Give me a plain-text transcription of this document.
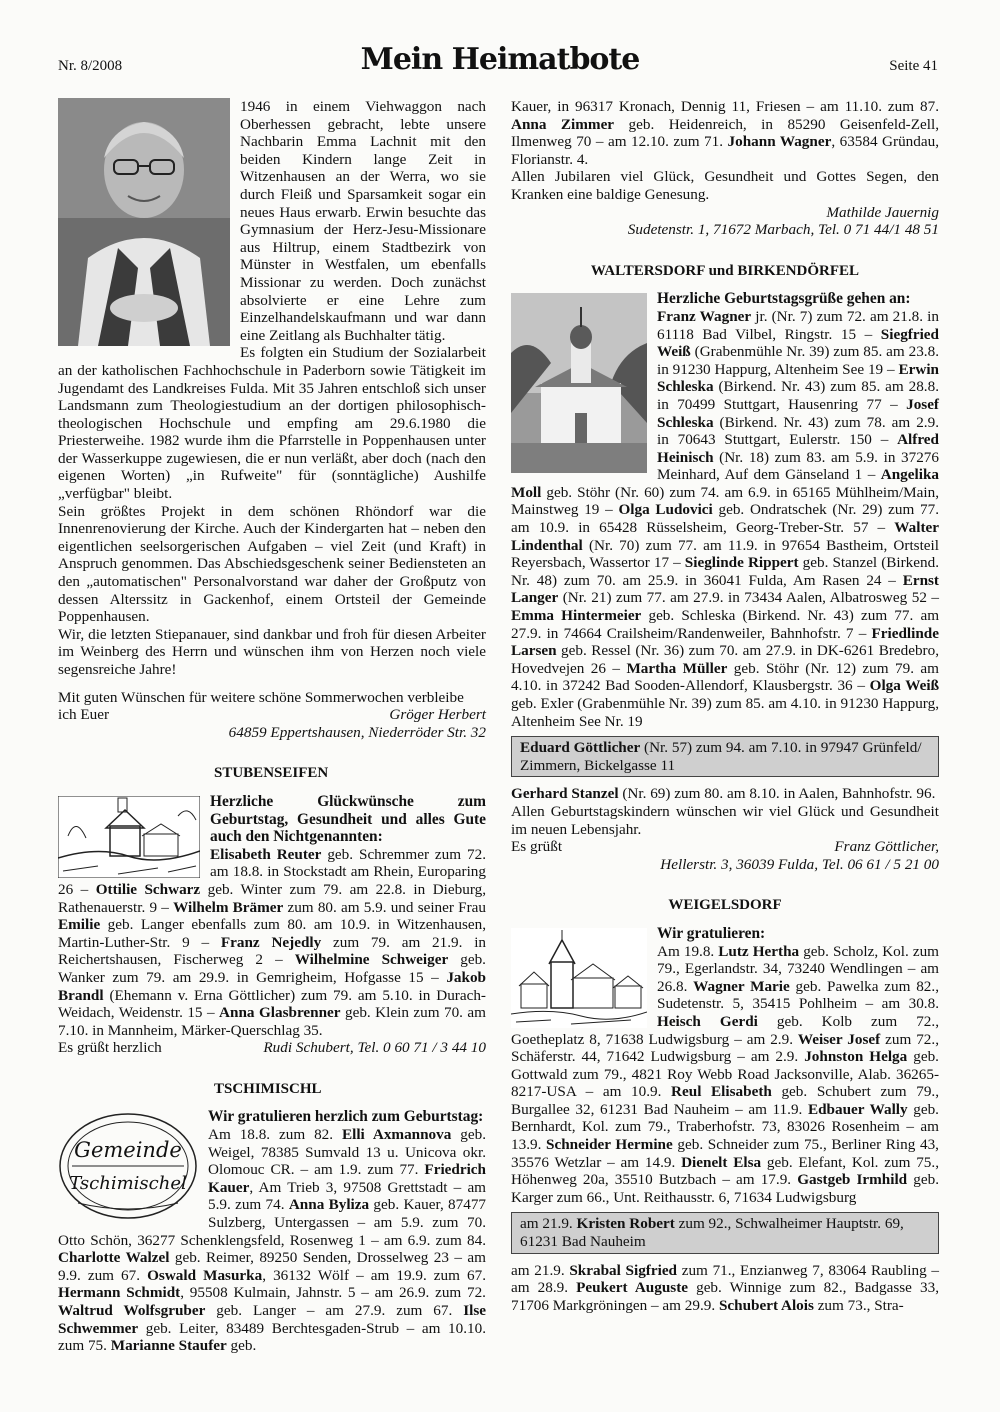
Nr. 8/2008	Mein Heimatbote	Seite 41

1946 in einem Viehwaggon nach Oberhessen gebracht, lebte unsere Nachbarin Emma Lachnit mit den beiden Kindern lange Zeit in Witzenhausen an der Werra, wo sie durch Fleiß und Sparsamkeit sogar ein neues Haus erwarb. Erwin besuchte das Gymnasium der Herz-Jesu-Missionare aus Hiltrup, einem Stadtbezirk von Münster in Westfalen, um ebenfalls Missionar zu werden. Doch zunächst absolvierte er eine Lehre zum Einzelhandelskaufmann und war dann eine Zeitlang als Buchhalter tätig.

Es folgten ein Studium der Sozialarbeit an der katholischen Fachhochschule in Paderborn sowie Tätigkeit im Jugendamt des Landkreises Fulda. Mit 35 Jahren entschloß sich unser Landsmann zum Theologiestudium an der dortigen philosophisch-theologischen Hochschule und empfing am 29.6.1980 die Priesterweihe. 1982 wurde ihm die Pfarrstelle in Poppenhausen unter der Wasserkuppe zugewiesen, die er nun verläßt, aber doch (nach den eigenen Worten) „in Rufweite" für (sonntägliche) Aushilfe „verfügbar" bleibt.

Sein größtes Projekt in dem schönen Rhöndorf war die Innenrenovierung der Kirche. Auch der Kindergarten hat – neben den eigentlichen seelsorgerischen Aufgaben – viel Zeit (und Kraft) in Anspruch genommen. Das Abschiedsgeschenk seiner Bediensteten an den „automatischen" Personalvorstand war daher der Großputz von dessen Alterssitz in Gackenhof, einem Ortsteil der Gemeinde Poppenhausen.

Wir, die letzten Stiepanauer, sind dankbar und froh für diesen Arbeiter im Weinberg des Herrn und wünschen ihm von Herzen noch viele segensreiche Jahre!

Mit guten Wünschen für weitere schöne Sommerwochen verbleibe

ich Euer	Gröger Herbert

64859 Eppertshausen, Niederröder Str. 32

STUBENSEIFEN

Herzliche Glückwünsche zum Geburtstag, Gesundheit und alles Gute auch den Nichtgenannten:

Elisabeth Reuter geb. Schremmer zum 72. am 18.8. in Stockstadt am Rhein, Europaring 26 – Ottilie Schwarz geb. Winter zum 79. am 22.8. in Dieburg, Rathenauerstr. 9 – Wilhelm Brämer zum 80. am 5.9. und seiner Frau Emilie geb. Langer ebenfalls zum 80. am 10.9. in Witzenhausen, Martin-Luther-Str. 9 – Franz Nejedly zum 79. am 21.9. in Reichertshausen, Fischerweg 2 – Wilhelmine Schweiger geb. Wanker zum 79. am 29.9. in Gemrigheim, Hofgasse 15 – Jakob Brandl (Ehemann v. Erna Göttlicher) zum 79. am 5.10. in Durach-Weidach, Weidenstr. 15 – Anna Glasbrenner geb. Klein zum 70. am 7.10. in Mannheim, Märker-Querschlag 35.

Es grüßt herzlich	Rudi Schubert, Tel. 0 60 71 / 3 44 10
TSCHIMISCHL
Gemeinde
Tschimischel

Wir gratulieren herzlich zum Geburtstag:

Am 18.8. zum 82. Elli Axmannova geb. Weigel, 78385 Sumvald 13 u. Unicova okr. Olomouc CR. – am 1.9. zum 77. Friedrich Kauer, Am Trieb 3, 97508 Grettstadt – am 5.9. zum 74. Anna Byliza geb. Kauer, 87477 Sulzberg, Untergassen – am 5.9. zum 70. Otto Schön, 36277 Schenklengsfeld, Rosenweg 1 – am 6.9. zum 84. Charlotte Walzel geb. Reimer, 89250 Senden, Drosselweg 23 – am 9.9. zum 67. Oswald Masurka, 36132 Wölf – am 19.9. zum 67. Hermann Schmidt, 95508 Kulmain, Jahnstr. 5 – am 26.9. zum 72. Waltrud Wolfsgruber geb. Langer – am 27.9. zum 67. Ilse Schwemmer geb. Leiter, 83489 Berchtesgaden-Strub – am 10.10. zum 75. Marianne Staufer geb.

Kauer, in 96317 Kronach, Dennig 11, Friesen – am 11.10. zum 87. Anna Zimmer geb. Heidenreich, in 85290 Geisenfeld-Zell, Ilmenweg 70 – am 12.10. zum 71. Johann Wagner, 63584 Gründau, Florianstr. 4.

Allen Jubilaren viel Glück, Gesundheit und Gottes Segen, den Kranken eine baldige Genesung.

Mathilde Jauernig

Sudetenstr. 1, 71672 Marbach, Tel. 0 71 44/1 48 51

WALTERSDORF und BIRKENDÖRFEL

Herzliche Geburtstagsgrüße gehen an:

Franz Wagner jr. (Nr. 7) zum 72. am 21.8. in 61118 Bad Vilbel, Ringstr. 15 – Siegfried Weiß (Grabenmühle Nr. 39) zum 85. am 23.8. in 91230 Happurg, Altenheim See 19 – Erwin Schleska (Birkend. Nr. 43) zum 85. am 28.8. in 70499 Stuttgart, Hausenring 77 – Josef Schleska (Birkend. Nr. 43) zum 78. am 2.9. in 70643 Stuttgart, Eulerstr. 150 – Alfred Heinisch (Nr. 18) zum 83. am 5.9. in 37276 Meinhard, Auf dem Gänseland 1 – Angelika Moll geb. Stöhr (Nr. 60) zum 74. am 6.9. in 65165 Mühlheim/Main, Mainstweg 19 – Olga Ludovici geb. Ondratschek (Nr. 29) zum 77. am 10.9. in 65428 Rüsselsheim, Georg-Treber-Str. 57 – Walter Lindenthal (Nr. 70) zum 77. am 11.9. in 97654 Bastheim, Ortsteil Reyersbach, Wassertor 17 – Sieglinde Rippert geb. Stanzel (Birkend. Nr. 48) zum 70. am 25.9. in 36041 Fulda, Am Rasen 24 – Ernst Langer (Nr. 21) zum 77. am 27.9. in 73434 Aalen, Albatrosweg 52 – Emma Hintermeier geb. Schleska (Birkend. Nr. 43) zum 77. am 27.9. in 74664 Crailsheim/Randenweiler, Bahnhofstr. 7 – Friedlinde Larsen geb. Ressel (Nr. 36) zum 70. am 27.9. in DK-6261 Bredebro, Hovedvejen 26 – Martha Müller geb. Stöhr (Nr. 12) zum 79. am 4.10. in 37242 Bad Sooden-Allendorf, Klausbergstr. 36 – Olga Weiß geb. Exler (Grabenmühle Nr. 39) zum 85. am 4.10. in 91230 Happurg, Altenheim See Nr. 19

Eduard Göttlicher (Nr. 57) zum 94. am 7.10. in 97947 Grünfeld/ Zimmern, Bickelgasse 11

Gerhard Stanzel (Nr. 69) zum 80. am 8.10. in Aalen, Bahnhofstr. 96.

Allen Geburtstagskindern wünschen wir viel Glück und Gesundheit im neuen Lebensjahr.

Es grüßt	Franz Göttlicher,

Hellerstr. 3, 36039 Fulda, Tel. 06 61 / 5 21 00

WEIGELSDORF

Wir gratulieren:

Am 19.8. Lutz Hertha geb. Scholz, Kol. zum 79., Egerlandstr. 34, 73240 Wendlingen – am 26.8. Wagner Marie geb. Pawelka zum 82., Sudetenstr. 5, 35415 Pohlheim – am 30.8. Heisch Gerdi geb. Kolb zum 72., Goetheplatz 8, 71638 Ludwigsburg – am 2.9. Weiser Josef zum 72., Schäferstr. 44, 71642 Ludwigsburg – am 2.9. Johnston Helga geb. Gottwald zum 79., 4821 Roy Webb Road Jacksonville, Alab. 36265-8217-USA – am 10.9. Reul Elisabeth geb. Schubert zum 79., Burgallee 32, 61231 Bad Nauheim – am 11.9. Edbauer Wally geb. Bernhardt, Kol. zum 79., Traberhofstr. 73, 83026 Rosenheim – am 13.9. Schneider Hermine geb. Schneider zum 75., Berliner Ring 43, 35576 Wetzlar – am 14.9. Dienelt Elsa geb. Elefant, Kol. zum 75., Höhenweg 20a, 35510 Butzbach – am 17.9. Gastgeb Irmhild geb. Karger zum 66., Unt. Reithausstr. 6, 71634 Ludwigsburg

am 21.9. Kristen Robert zum 92., Schwalheimer Hauptstr. 69, 61231 Bad Nauheim

am 21.9. Skrabal Sigfried zum 71., Enzianweg 7, 83064 Raubling – am 28.9. Peukert Auguste geb. Winnige zum 82., Badgasse 33, 71706 Markgröningen – am 29.9. Schubert Alois zum 73., Stra-
